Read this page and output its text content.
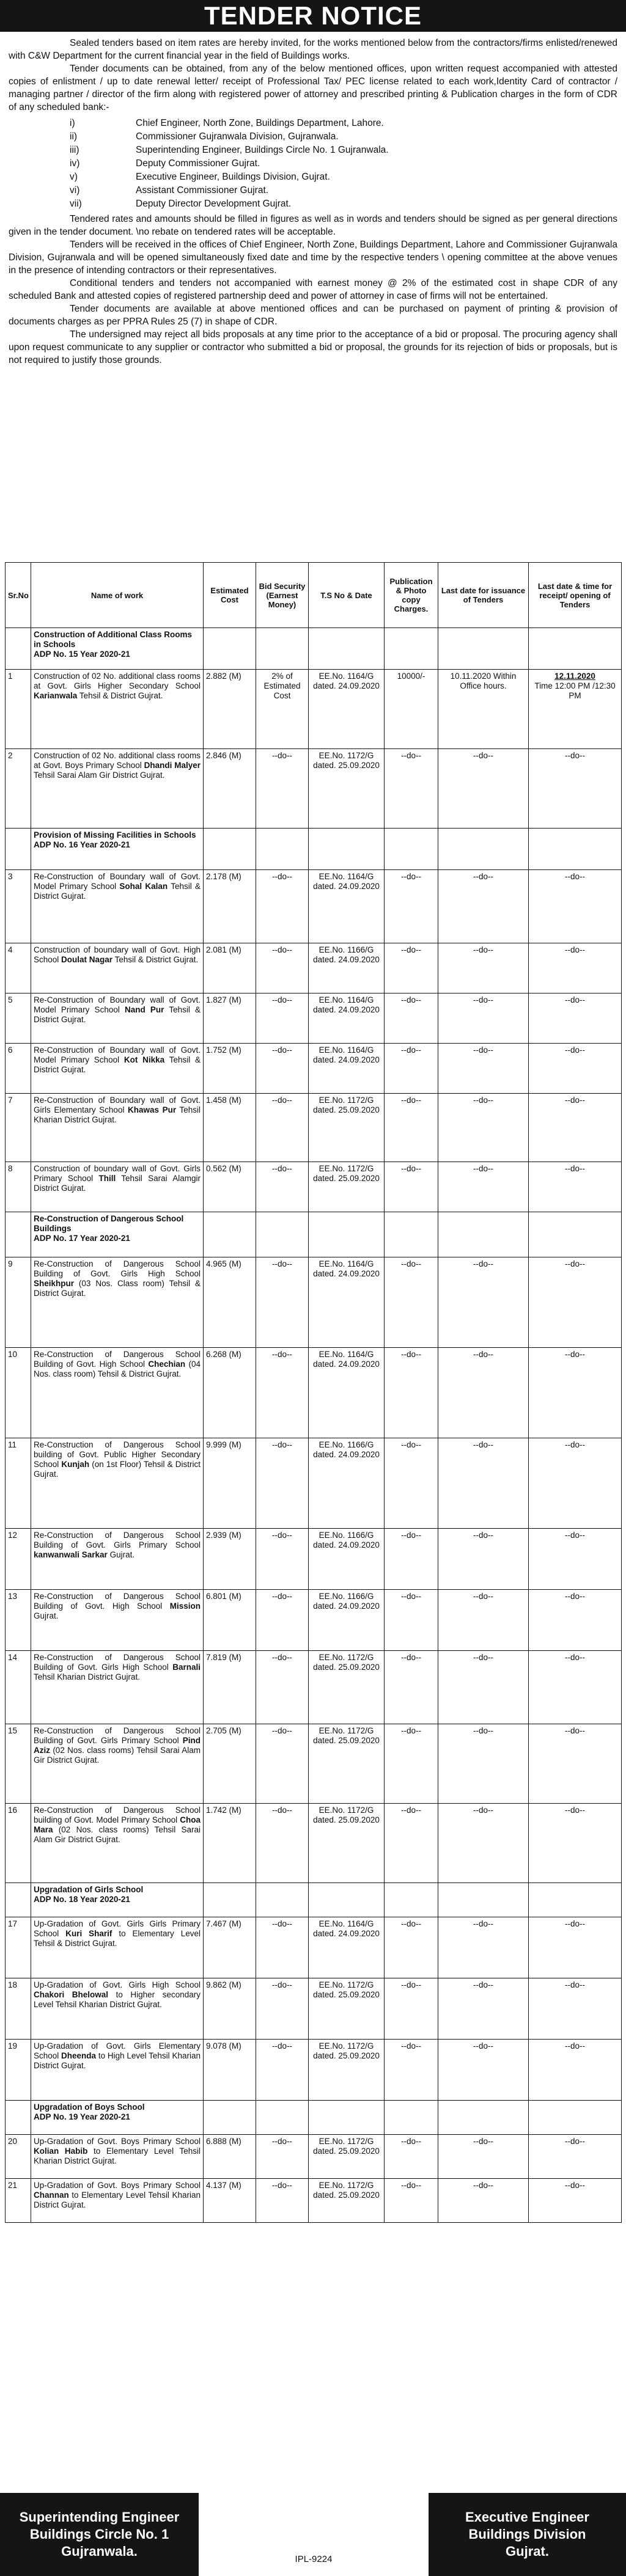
TENDER NOTICE

Sealed tenders based on item rates are hereby invited, for the works mentioned below from the contractors/firms enlisted/renewed with C&W Department for the current financial year in the field of Buildings works.

Tender documents can be obtained, from any of the below mentioned offices, upon written request accompanied with attested copies of enlistment / up to date renewal letter/ receipt of Professional Tax/ PEC license related to each work,Identity Card of contractor / managing partner / director of the firm along with registered power of attorney and prescribed printing & Publication charges in the form of CDR of any scheduled bank:-

i)	Chief Engineer, North Zone, Buildings Department, Lahore.
ii)	Commissioner Gujranwala Division, Gujranwala.
iii)	Superintending Engineer, Buildings Circle No. 1 Gujranwala.
iv)	Deputy Commissioner Gujrat.
v)	Executive Engineer, Buildings Division, Gujrat.
vi)	Assistant Commissioner Gujrat.
vii)	Deputy Director Development Gujrat.

Tendered rates and amounts should be filled in figures as well as in words and tenders should be signed as per general directions given in the tender document. \no rebate on tendered rates will be acceptable.

Tenders will be received in the offices of Chief Engineer, North Zone, Buildings Department, Lahore and Commissioner Gujranwala Division, Gujranwala and will be opened simultaneously fixed date and time by the respective tenders \ opening committee at the above venues in the presence of intending contractors or their representatives.

Conditional tenders and tenders not accompanied with earnest money @ 2% of the estimated cost in shape CDR of any scheduled Bank and attested copies of registered partnership deed and power of attorney in case of firms will not be entertained.

Tender documents are available at above mentioned offices and can be purchased on payment of printing & provision of documents charges as per PPRA Rules 25 (7) in shape of CDR.

The undersigned may reject all bids proposals at any time prior to the acceptance of a bid or proposal. The procuring agency shall upon request communicate to any supplier or contractor who submitted a bid or proposal, the grounds for its rejection of bids or proposals, but is not required to justify those grounds.

Sr.No	Name of work	Estimated Cost	Bid Security (Earnest Money)	T.S No & Date	Publication & Photo copy Charges.	Last date for issuance of Tenders	Last date & time for receipt/ opening of Tenders

	Construction of Additional Class Rooms in Schools
ADP No. 15 Year 2020-21						

1	Construction of 02 No. additional class rooms at Govt. Girls Higher Secondary School Karianwala Tehsil & District Gujrat.	2.882 (M)	2% of Estimated Cost	EE.No. 1164/G dated. 24.09.2020	10000/-	10.11.2020 Within Office hours.	12.11.2020
Time 12:00 PM /12:30 PM

2	Construction of 02 No. additional class rooms at Govt. Boys Primary School Dhandi Malyer Tehsil Sarai Alam Gir District Gujrat.	2.846 (M)	--do--	EE.No. 1172/G dated. 25.09.2020	--do--	--do--	--do--

	Provision of Missing Facilities in Schools
ADP No. 16 Year 2020-21						

3	Re-Construction of Boundary wall of Govt. Model Primary School Sohal Kalan Tehsil & District Gujrat.	2.178 (M)	--do--	EE.No. 1164/G dated. 24.09.2020	--do--	--do--	--do--
4	Construction of boundary wall of Govt. High School Doulat Nagar Tehsil & District Gujrat.	2.081 (M)	--do--	EE.No. 1166/G dated. 24.09.2020	--do--	--do--	--do--
5	Re-Construction of Boundary wall of Govt. Model Primary School Nand Pur Tehsil & District Gujrat.	1.827 (M)	--do--	EE.No. 1164/G dated. 24.09.2020	--do--	--do--	--do--
6	Re-Construction of Boundary wall of Govt. Model Primary School Kot Nikka Tehsil & District Gujrat.	1.752 (M)	--do--	EE.No. 1164/G dated. 24.09.2020	--do--	--do--	--do--
7	Re-Construction of Boundary wall of Govt. Girls Elementary School Khawas Pur Tehsil Kharian District Gujrat.	1.458 (M)	--do--	EE.No. 1172/G dated. 25.09.2020	--do--	--do--	--do--
8	Construction of boundary wall of Govt. Girls Primary School Thill Tehsil Sarai Alamgir District Gujrat.	0.562 (M)	--do--	EE.No. 1172/G dated. 25.09.2020	--do--	--do--	--do--

	Re-Construction of Dangerous School Buildings
ADP No. 17 Year 2020-21						

9	Re-Construction of Dangerous School Building of Govt. Girls High School Sheikhpur (03 Nos. Class room) Tehsil & District Gujrat.	4.965 (M)	--do--	EE.No. 1164/G dated. 24.09.2020	--do--	--do--	--do--
10	Re-Construction of Dangerous School Building of Govt. High School Chechian (04 Nos. class room) Tehsil & District Gujrat.	6.268 (M)	--do--	EE.No. 1164/G dated. 24.09.2020	--do--	--do--	--do--
11	Re-Construction of Dangerous School building of Govt. Public Higher Secondary School Kunjah (on 1st Floor) Tehsil & District Gujrat.	9.999 (M)	--do--	EE.No. 1166/G dated. 24.09.2020	--do--	--do--	--do--
12	Re-Construction of Dangerous School Building of Govt. Girls Primary School kanwanwali Sarkar Gujrat.	2.939 (M)	--do--	EE.No. 1166/G dated. 24.09.2020	--do--	--do--	--do--
13	Re-Construction of Dangerous School Building of Govt. High School Mission Gujrat.	6.801 (M)	--do--	EE.No. 1166/G dated. 24.09.2020	--do--	--do--	--do--
14	Re-Construction of Dangerous School Building of Govt. Girls High School Barnali Tehsil Kharian District Gujrat.	7.819 (M)	--do--	EE.No. 1172/G dated. 25.09.2020	--do--	--do--	--do--
15	Re-Construction of Dangerous School Building of Govt. Girls Primary School Pind Aziz (02 Nos. class rooms) Tehsil Sarai Alam Gir District Gujrat.	2.705 (M)	--do--	EE.No. 1172/G dated. 25.09.2020	--do--	--do--	--do--
16	Re-Construction of Dangerous School building of Govt. Model Primary School Choa Mara (02 Nos. class rooms) Tehsil Sarai Alam Gir District Gujrat.	1.742 (M)	--do--	EE.No. 1172/G dated. 25.09.2020	--do--	--do--	--do--

	Upgradation of Girls School
ADP No. 18 Year 2020-21						

17	Up-Gradation of Govt. Girls Girls Primary School Kuri Sharif to Elementary Level Tehsil & District Gujrat.	7.467 (M)	--do--	EE.No. 1164/G dated. 24.09.2020	--do--	--do--	--do--
18	Up-Gradation of Govt. Girls High School Chakori Bhelowal to Higher secondary Level Tehsil Kharian District Gujrat.	9.862 (M)	--do--	EE.No. 1172/G dated. 25.09.2020	--do--	--do--	--do--
19	Up-Gradation of Govt. Girls Elementary School Dheenda to High Level Tehsil Kharian District Gujrat.	9.078 (M)	--do--	EE.No. 1172/G dated. 25.09.2020	--do--	--do--	--do--

	Upgradation of Boys School
ADP No. 19 Year 2020-21						

20	Up-Gradation of Govt. Boys Primary School Kolian Habib to Elementary Level Tehsil Kharian District Gujrat.	6.888 (M)	--do--	EE.No. 1172/G dated. 25.09.2020	--do--	--do--	--do--
21	Up-Gradation of Govt. Boys Primary School Channan to Elementary Level Tehsil Kharian District Gujrat.	4.137 (M)	--do--	EE.No. 1172/G dated. 25.09.2020	--do--	--do--	--do--
Superintending Engineer
Buildings Circle No. 1
Gujranwala.
IPL-9224
Executive Engineer
Buildings Division
Gujrat.
